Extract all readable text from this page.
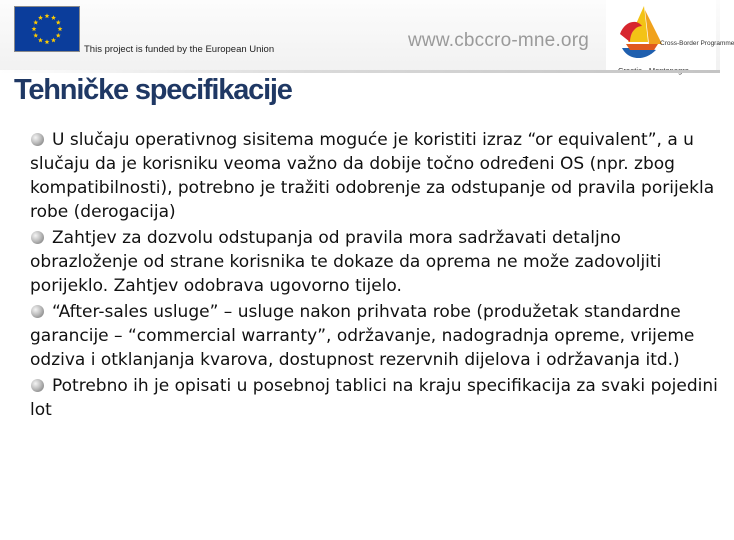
This project is funded by the European Union	www.cbccro-mne.org	Cross-Border Programme
Tehničke specifikacije

U slučaju operativnog sisitema moguće je koristiti izraz “or equivalent”, a u slučaju da je korisniku veoma važno da dobije točno određeni OS (npr. zbog kompatibilnosti), potrebno je tražiti odobrenje za odstupanje od pravila porijekla robe (derogacija)

Zahtjev za dozvolu odstupanja od pravila mora sadržavati detaljno obrazloženje od strane korisnika te dokaze da oprema ne može zadovoljiti porijeklo. Zahtjev odobrava ugovorno tijelo.

“After-sales usluge” – usluge nakon prihvata robe (produžetak standardne garancije – “commercial warranty”, održavanje, nadogradnja opreme, vrijeme odziva i otklanjanja kvarova, dostupnost rezervnih dijelova i održavanja itd.)

Potrebno ih je opisati u posebnoj tablici na kraju specifikacija za svaki pojedini lot
